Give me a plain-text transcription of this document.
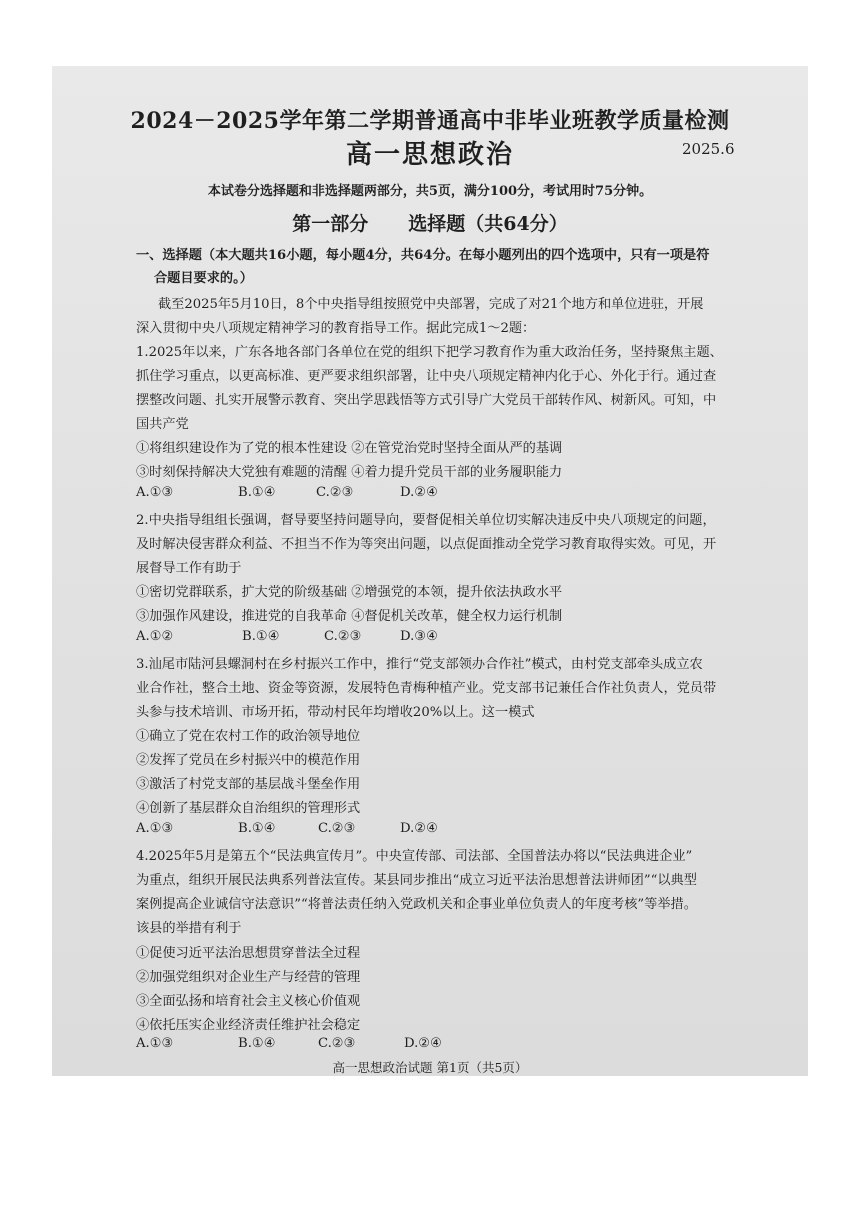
2024－2025学年第二学期普通高中非毕业班教学质量检测
高一思想政治	2025.6
本试卷分选择题和非选择题两部分，共5页，满分100分，考试用时75分钟。
第一部分 选择题（共64分）
一、选择题（本大题共16小题，每小题4分，共64分。在每小题列出的四个选项中，只有一项是符
合题目要求的。）
截至2025年5月10日，8个中央指导组按照党中央部署，完成了对21个地方和单位进驻，开展
深入贯彻中央八项规定精神学习的教育指导工作。据此完成1～2题：
1.2025年以来，广东各地各部门各单位在党的组织下把学习教育作为重大政治任务，坚持聚焦主题、
抓住学习重点，以更高标准、更严要求组织部署，让中央八项规定精神内化于心、外化于行。通过查
摆整改问题、扎实开展警示教育、突出学思践悟等方式引导广大党员干部转作风、树新风。可知，中
国共产党
①将组织建设作为了党的根本性建设 ②在管党治党时坚持全面从严的基调
③时刻保持解决大党独有难题的清醒 ④着力提升党员干部的业务履职能力
A.①③	B.①④	C.②③	D.②④
2.中央指导组组长强调，督导要坚持问题导向，要督促相关单位切实解决违反中央八项规定的问题，
及时解决侵害群众利益、不担当不作为等突出问题，以点促面推动全党学习教育取得实效。可见，开
展督导工作有助于
①密切党群联系，扩大党的阶级基础 ②增强党的本领，提升依法执政水平
③加强作风建设，推进党的自我革命 ④督促机关改革，健全权力运行机制
A.①②	B.①④	C.②③	D.③④
3.汕尾市陆河县螺洞村在乡村振兴工作中，推行“党支部领办合作社”模式，由村党支部牵头成立农
业合作社，整合土地、资金等资源，发展特色青梅种植产业。党支部书记兼任合作社负责人，党员带
头参与技术培训、市场开拓，带动村民年均增收20%以上。这一模式
①确立了党在农村工作的政治领导地位
②发挥了党员在乡村振兴中的模范作用
③激活了村党支部的基层战斗堡垒作用
④创新了基层群众自治组织的管理形式
A.①③	B.①④	C.②③	D.②④
4.2025年5月是第五个“民法典宣传月”。中央宣传部、司法部、全国普法办将以“民法典进企业”
为重点，组织开展民法典系列普法宣传。某县同步推出“成立习近平法治思想普法讲师团”“以典型
案例提高企业诚信守法意识”“将普法责任纳入党政机关和企事业单位负责人的年度考核”等举措。
该县的举措有利于
①促使习近平法治思想贯穿普法全过程
②加强党组织对企业生产与经营的管理
③全面弘扬和培育社会主义核心价值观
④依托压实企业经济责任维护社会稳定
A.①③	B.①④	C.②③	D.②④
高一思想政治试题 第1页（共5页）
